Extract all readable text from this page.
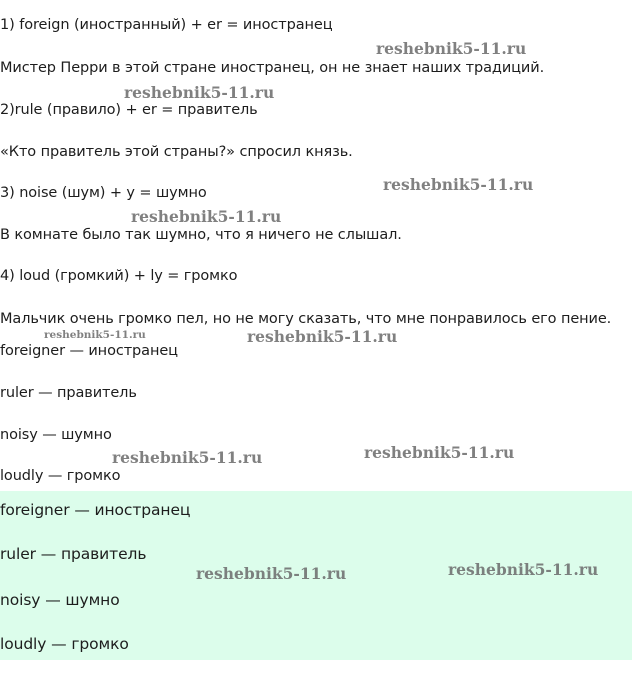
1) foreign (иностранный) + er = иностранец
Мистер Перри в этой стране иностранец, он не знает наших традиций.
2)rule (правило) + er = правитель
«Кто правитель этой страны?» спросил князь.
3) noise (шум) + y = шумно
В комнате было так шумно, что я ничего не слышал.
4) loud (громкий) + ly = громко
Мальчик очень громко пел, но не могу сказать, что мне понравилось его пение.
foreigner — иностранец
ruler — правитель
noisy — шумно
loudly — громко
foreigner — иностранец
ruler — правитель
noisy — шумно
loudly — громко
reshebnik5-11.ru
reshebnik5-11.ru
reshebnik5-11.ru
reshebnik5-11.ru
reshebnik5-11.ru	reshebnik5-11.ru
reshebnik5-11.ru	reshebnik5-11.ru
reshebnik5-11.ru	reshebnik5-11.ru
